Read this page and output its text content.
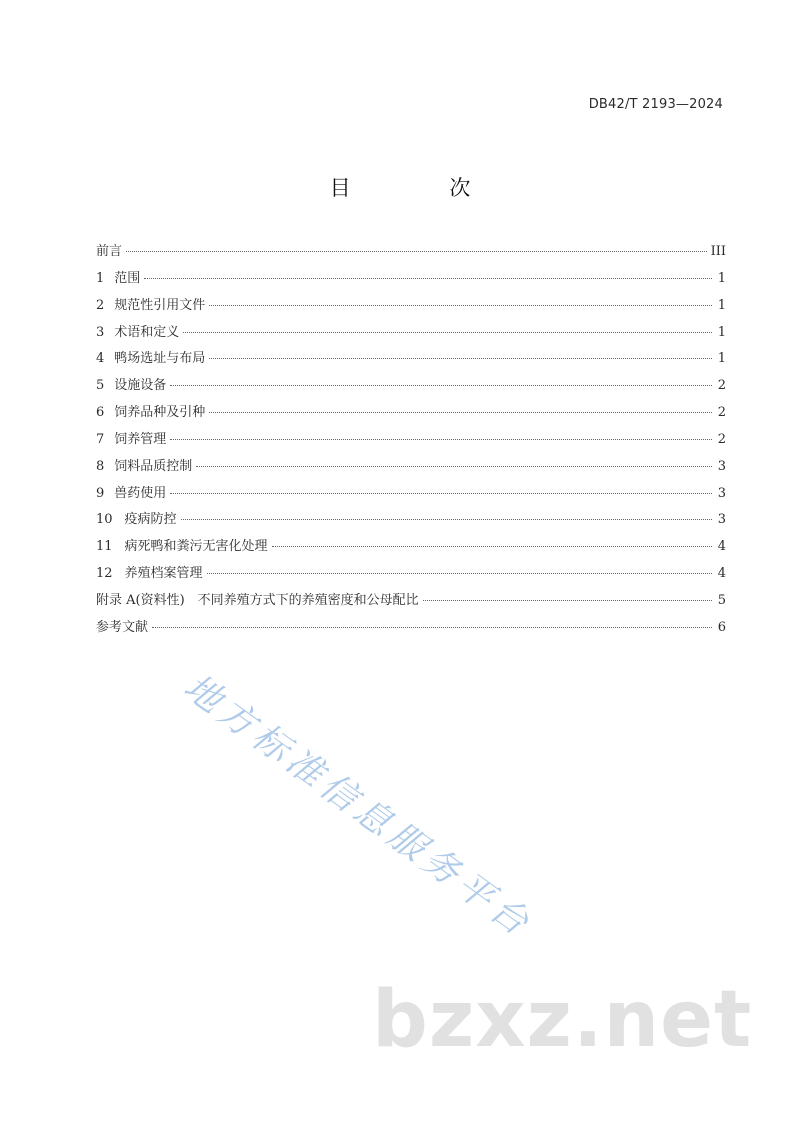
DB42/T 2193—2024
目 次
前言	III
1 范围	1
2 规范性引用文件	1
3 术语和定义	1
4 鸭场选址与布局	1
5 设施设备	2
6 饲养品种及引种	2
7 饲养管理	2
8 饲料品质控制	3
9 兽药使用	3
10 疫病防控	3
11 病死鸭和粪污无害化处理	4
12 养殖档案管理	4
附录 A(资料性)　不同养殖方式下的养殖密度和公母配比	5
参考文献	6
地方标准信息服务平台
bzxz.net
